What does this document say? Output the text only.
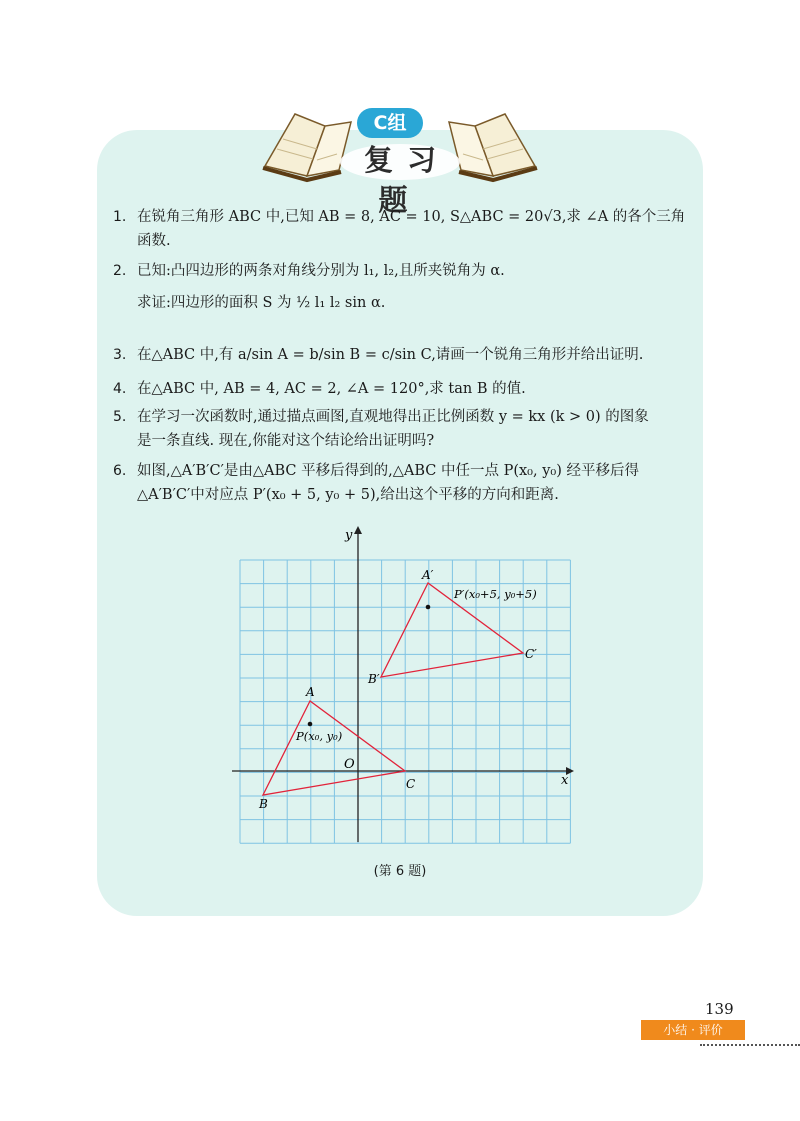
C组
复习题
1. 在锐角三角形 ABC 中,已知 AB = 8, AC = 10, S△ABC = 20√3,求 ∠A 的各个三角
函数.
2. 已知:凸四边形的两条对角线分别为 l₁, l₂,且所夹锐角为 α.
求证:四边形的面积 S 为 ½ l₁ l₂ sin α.
3. 在△ABC 中,有 a/sin A = b/sin B = c/sin C,请画一个锐角三角形并给出证明.
4. 在△ABC 中, AB = 4, AC = 2, ∠A = 120°,求 tan B 的值.
5. 在学习一次函数时,通过描点画图,直观地得出正比例函数 y = kx (k > 0) 的图象
是一条直线. 现在,你能对这个结论给出证明吗?
6. 如图,△A′B′C′是由△ABC 平移后得到的,△ABC 中任一点 P(x₀, y₀) 经平移后得
△A′B′C′中对应点 P′(x₀ + 5, y₀ + 5),给出这个平移的方向和距离.
x
y
O
A
B
C
A′
B′
C′
P(x₀, y₀)
P′(x₀+5, y₀+5)
(第 6 题)
139
小结 · 评价
